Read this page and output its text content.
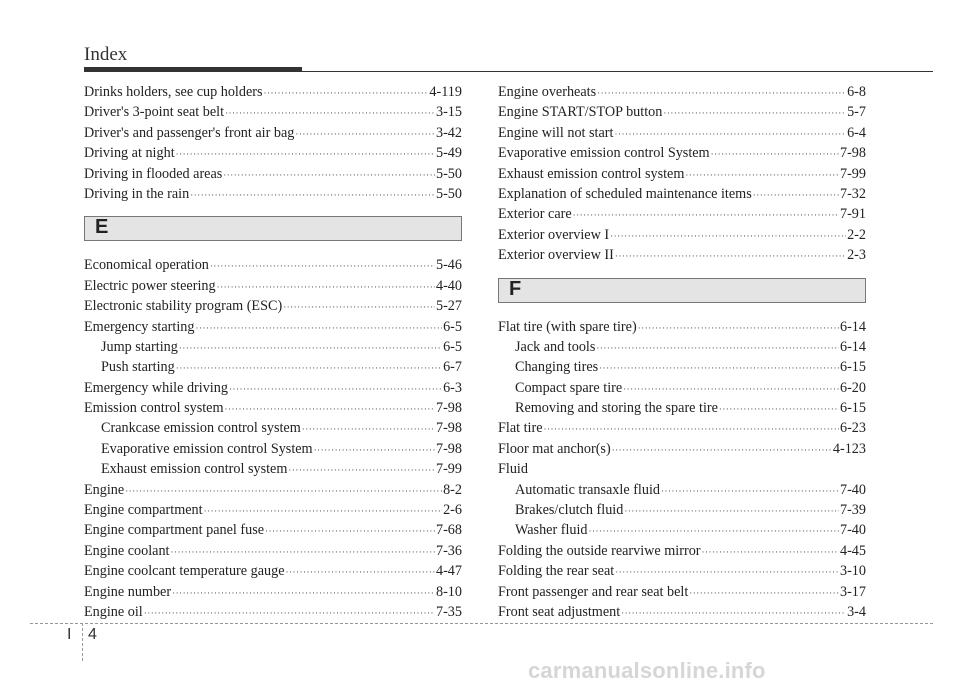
Index
Drinks holders, see cup holders ·····	4-119
Driver's 3-point seat belt ·····	3-15
Driver's and passenger's front air bag ·····	3-42
Driving at night ·····	5-49
Driving in flooded areas ·····	5-50
Driving in the rain ·····	5-50
E
Economical operation ·····	5-46
Electric power steering ·····	4-40
Electronic stability program (ESC) ·····	5-27
Emergency starting ·····	6-5
Jump starting ·····	6-5
Push starting ·····	6-7
Emergency while driving ·····	6-3
Emission control system ·····	7-98
Crankcase emission control system ·····	7-98
Evaporative emission control System ·····	7-98
Exhaust emission control system ·····	7-99
Engine ·····	8-2
Engine compartment ·····	2-6
Engine compartment panel fuse ·····	7-68
Engine coolant ·····	7-36
Engine coolcant temperature gauge ·····	4-47
Engine number ·····	8-10
Engine oil ·····	7-35
Engine overheats ·····	6-8
Engine START/STOP button ·····	5-7
Engine will not start ·····	6-4
Evaporative emission control System ·····	7-98
Exhaust emission control system ·····	7-99
Explanation of scheduled maintenance items ·····	7-32
Exterior care ·····	7-91
Exterior overview I ·····	2-2
Exterior overview II ·····	2-3
F
Flat tire (with spare tire) ·····	6-14
Jack and tools ·····	6-14
Changing tires ·····	6-15
Compact spare tire ·····	6-20
Removing and storing the spare tire ·····	6-15
Flat tire ·····	6-23
Floor mat anchor(s) ·····	4-123
Fluid
Automatic transaxle fluid ·····	7-40
Brakes/clutch fluid ·····	7-39
Washer fluid ·····	7-40
Folding the outside rearviwe mirror ·····	4-45
Folding the rear seat ·····	3-10
Front passenger and rear seat belt ·····	3-17
Front seat adjustment ·····	3-4
I 4
carmanualsonline.info
